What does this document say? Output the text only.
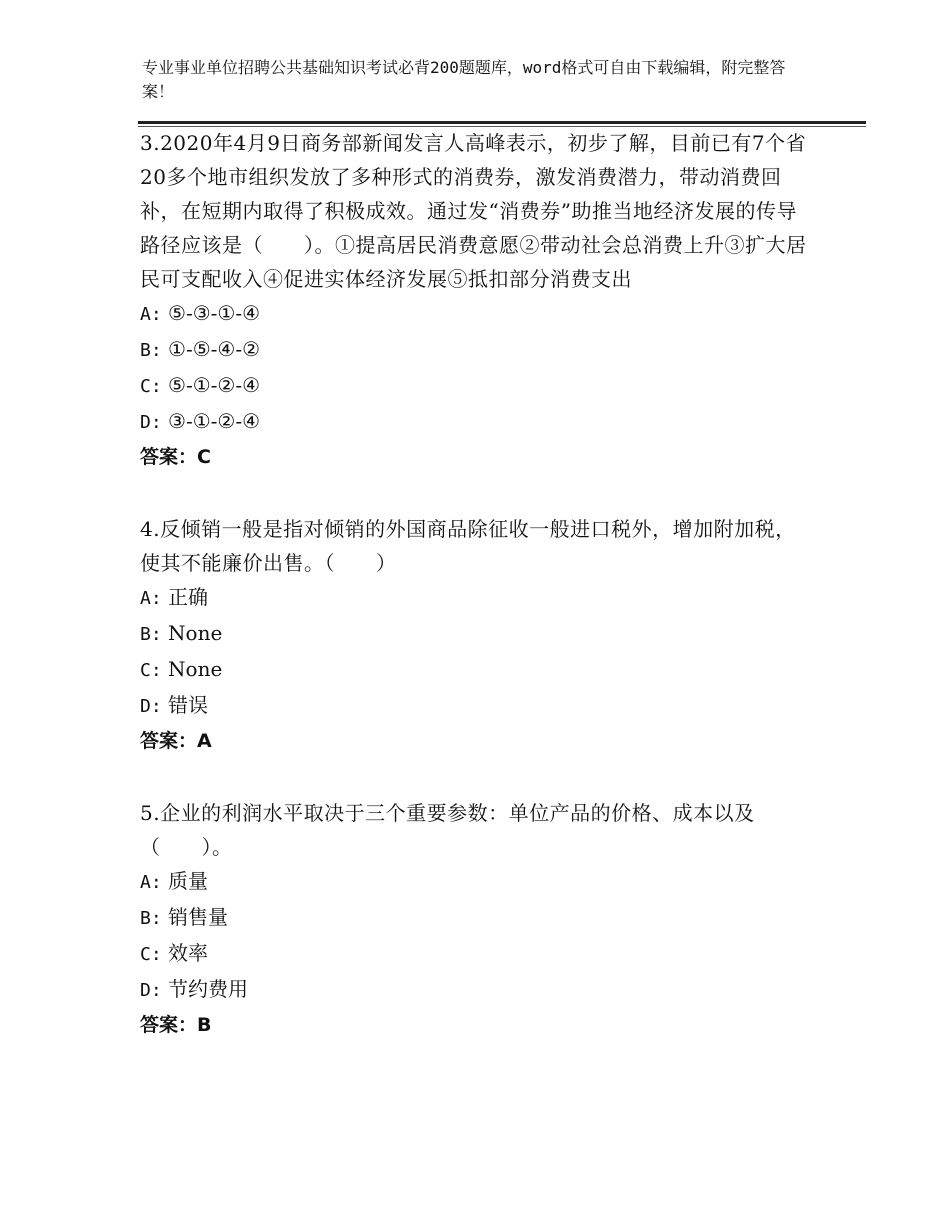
专业事业单位招聘公共基础知识考试必背200题题库，word格式可自由下载编辑，附完整答案！

3.2020年4月9日商务部新闻发言人高峰表示，初步了解，目前已有7个省20多个地市组织发放了多种形式的消费券，激发消费潜力，带动消费回补，在短期内取得了积极成效。通过发“消费券”助推当地经济发展的传导路径应该是（　　）。①提高居民消费意愿②带动社会总消费上升③扩大居民可支配收入④促进实体经济发展⑤抵扣部分消费支出

A: ⑤-③-①-④

B: ①-⑤-④-②

C: ⑤-①-②-④

D: ③-①-②-④

答案：C

4.反倾销一般是指对倾销的外国商品除征收一般进口税外，增加附加税，使其不能廉价出售。（　　）

A: 正确

B: None

C: None

D: 错误

答案：A

5.企业的利润水平取决于三个重要参数：单位产品的价格、成本以及（　　）。

A: 质量

B: 销售量

C: 效率

D: 节约费用

答案：B
